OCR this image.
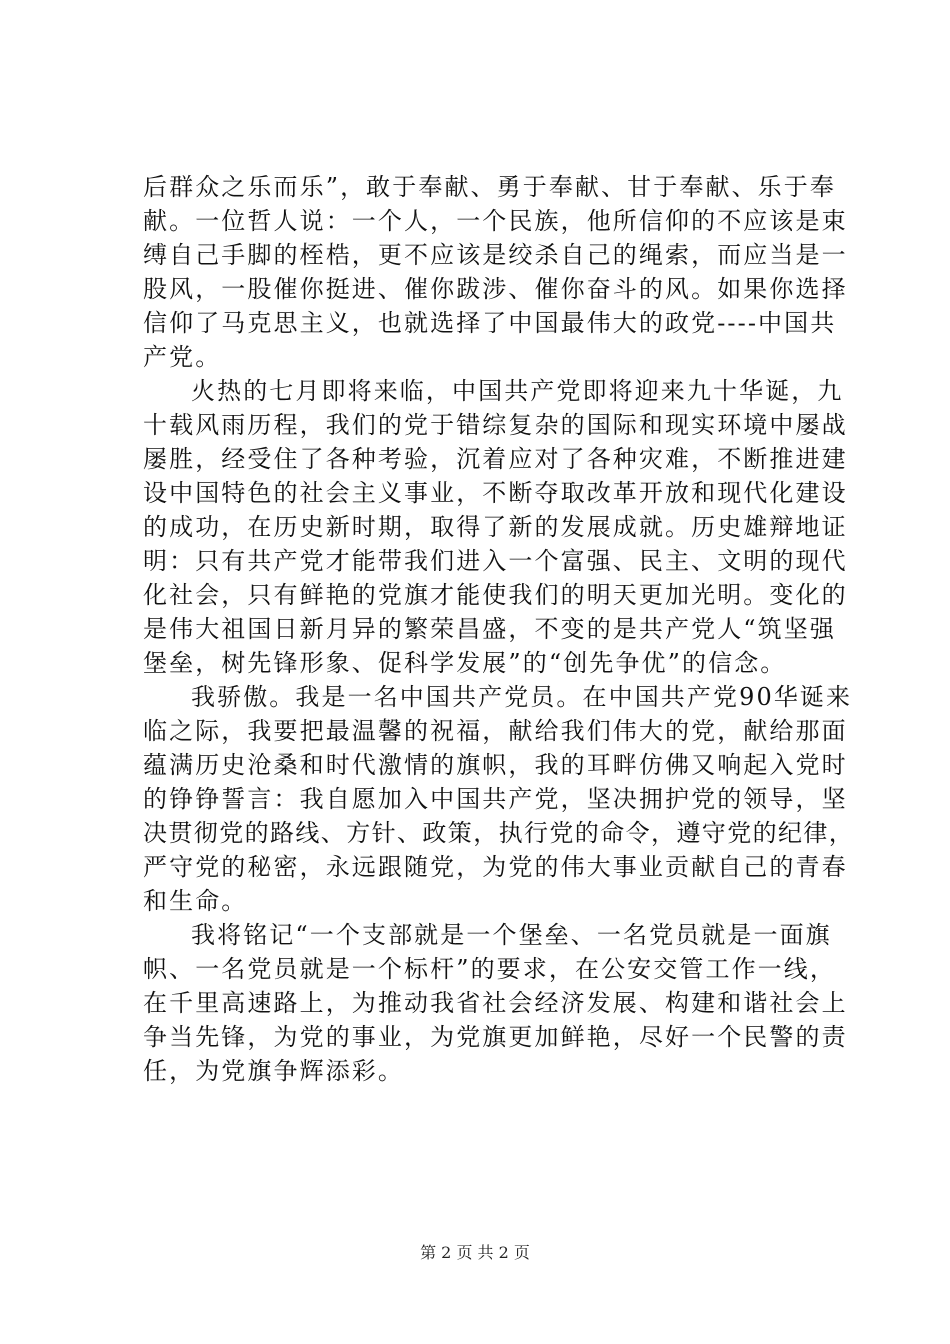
后群众之乐而乐”，敢于奉献、勇于奉献、甘于奉献、乐于奉
献。一位哲人说：一个人，一个民族，他所信仰的不应该是束
缚自己手脚的桎梏，更不应该是绞杀自己的绳索，而应当是一
股风，一股催你挺进、催你跋涉、催你奋斗的风。如果你选择
信仰了马克思主义，也就选择了中国最伟大的政党----中国共
产党。
火热的七月即将来临，中国共产党即将迎来九十华诞，九
十载风雨历程，我们的党于错综复杂的国际和现实环境中屡战
屡胜，经受住了各种考验，沉着应对了各种灾难，不断推进建
设中国特色的社会主义事业，不断夺取改革开放和现代化建设
的成功，在历史新时期，取得了新的发展成就。历史雄辩地证
明：只有共产党才能带我们进入一个富强、民主、文明的现代
化社会，只有鲜艳的党旗才能使我们的明天更加光明。变化的
是伟大祖国日新月异的繁荣昌盛，不变的是共产党人“筑坚强
堡垒，树先锋形象、促科学发展”的“创先争优”的信念。
我骄傲。我是一名中国共产党员。在中国共产党90华诞来
临之际，我要把最温馨的祝福，献给我们伟大的党，献给那面
蕴满历史沧桑和时代激情的旗帜，我的耳畔仿佛又响起入党时
的铮铮誓言：我自愿加入中国共产党，坚决拥护党的领导，坚
决贯彻党的路线、方针、政策，执行党的命令，遵守党的纪律，
严守党的秘密，永远跟随党，为党的伟大事业贡献自己的青春
和生命。
我将铭记“一个支部就是一个堡垒、一名党员就是一面旗
帜、一名党员就是一个标杆”的要求，在公安交管工作一线，
在千里高速路上，为推动我省社会经济发展、构建和谐社会上
争当先锋，为党的事业，为党旗更加鲜艳，尽好一个民警的责
任，为党旗争辉添彩。
第 2 页 共 2 页
